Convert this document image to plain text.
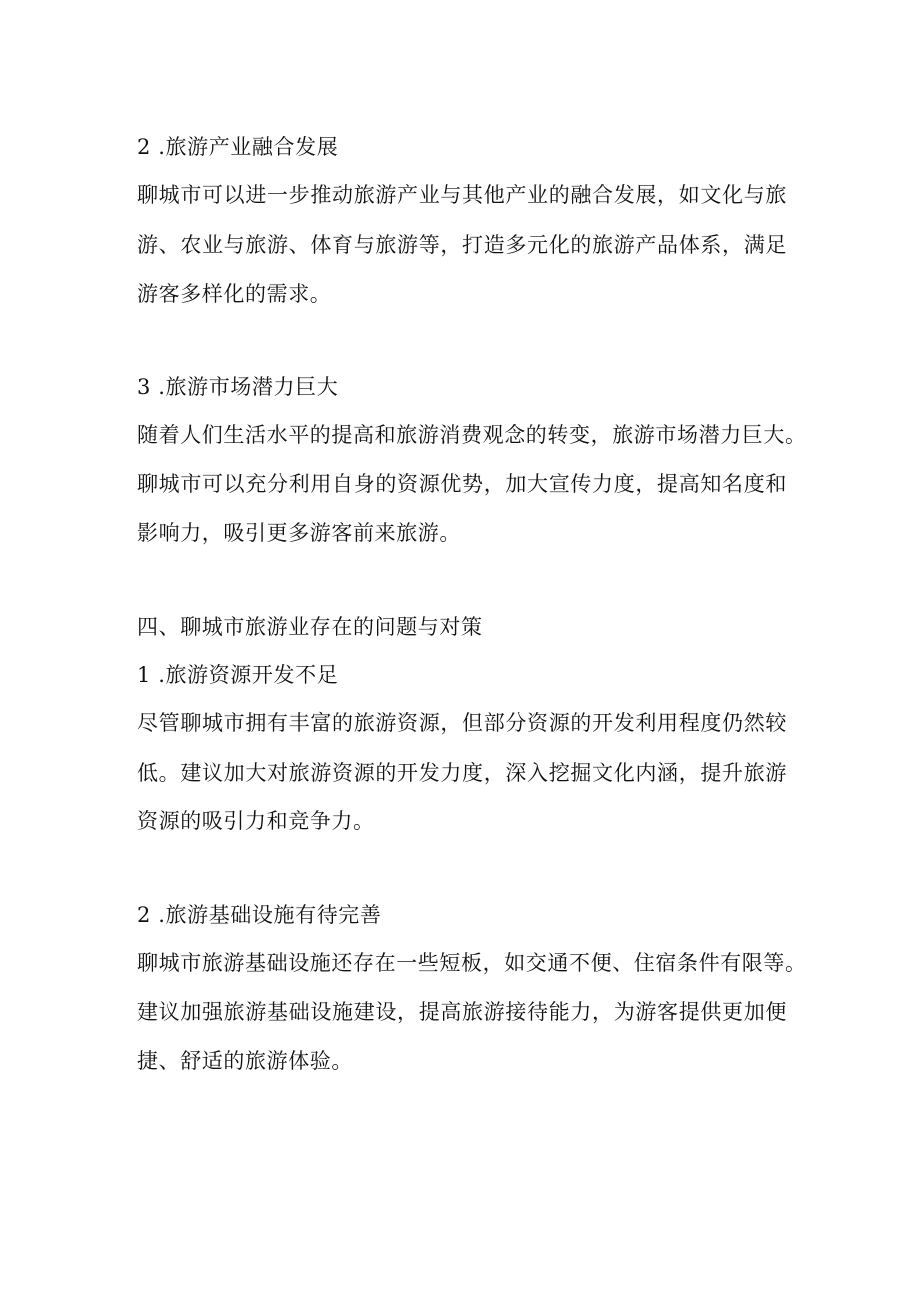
2 .旅游产业融合发展
聊城市可以进一步推动旅游产业与其他产业的融合发展，如文化与旅
游、农业与旅游、体育与旅游等，打造多元化的旅游产品体系，满足
游客多样化的需求。
3 .旅游市场潜力巨大
随着人们生活水平的提高和旅游消费观念的转变，旅游市场潜力巨大。
聊城市可以充分利用自身的资源优势，加大宣传力度，提高知名度和
影响力，吸引更多游客前来旅游。
四、聊城市旅游业存在的问题与对策
1 .旅游资源开发不足
尽管聊城市拥有丰富的旅游资源，但部分资源的开发利用程度仍然较
低。建议加大对旅游资源的开发力度，深入挖掘文化内涵，提升旅游
资源的吸引力和竞争力。
2 .旅游基础设施有待完善
聊城市旅游基础设施还存在一些短板，如交通不便、住宿条件有限等。
建议加强旅游基础设施建设，提高旅游接待能力，为游客提供更加便
捷、舒适的旅游体验。
